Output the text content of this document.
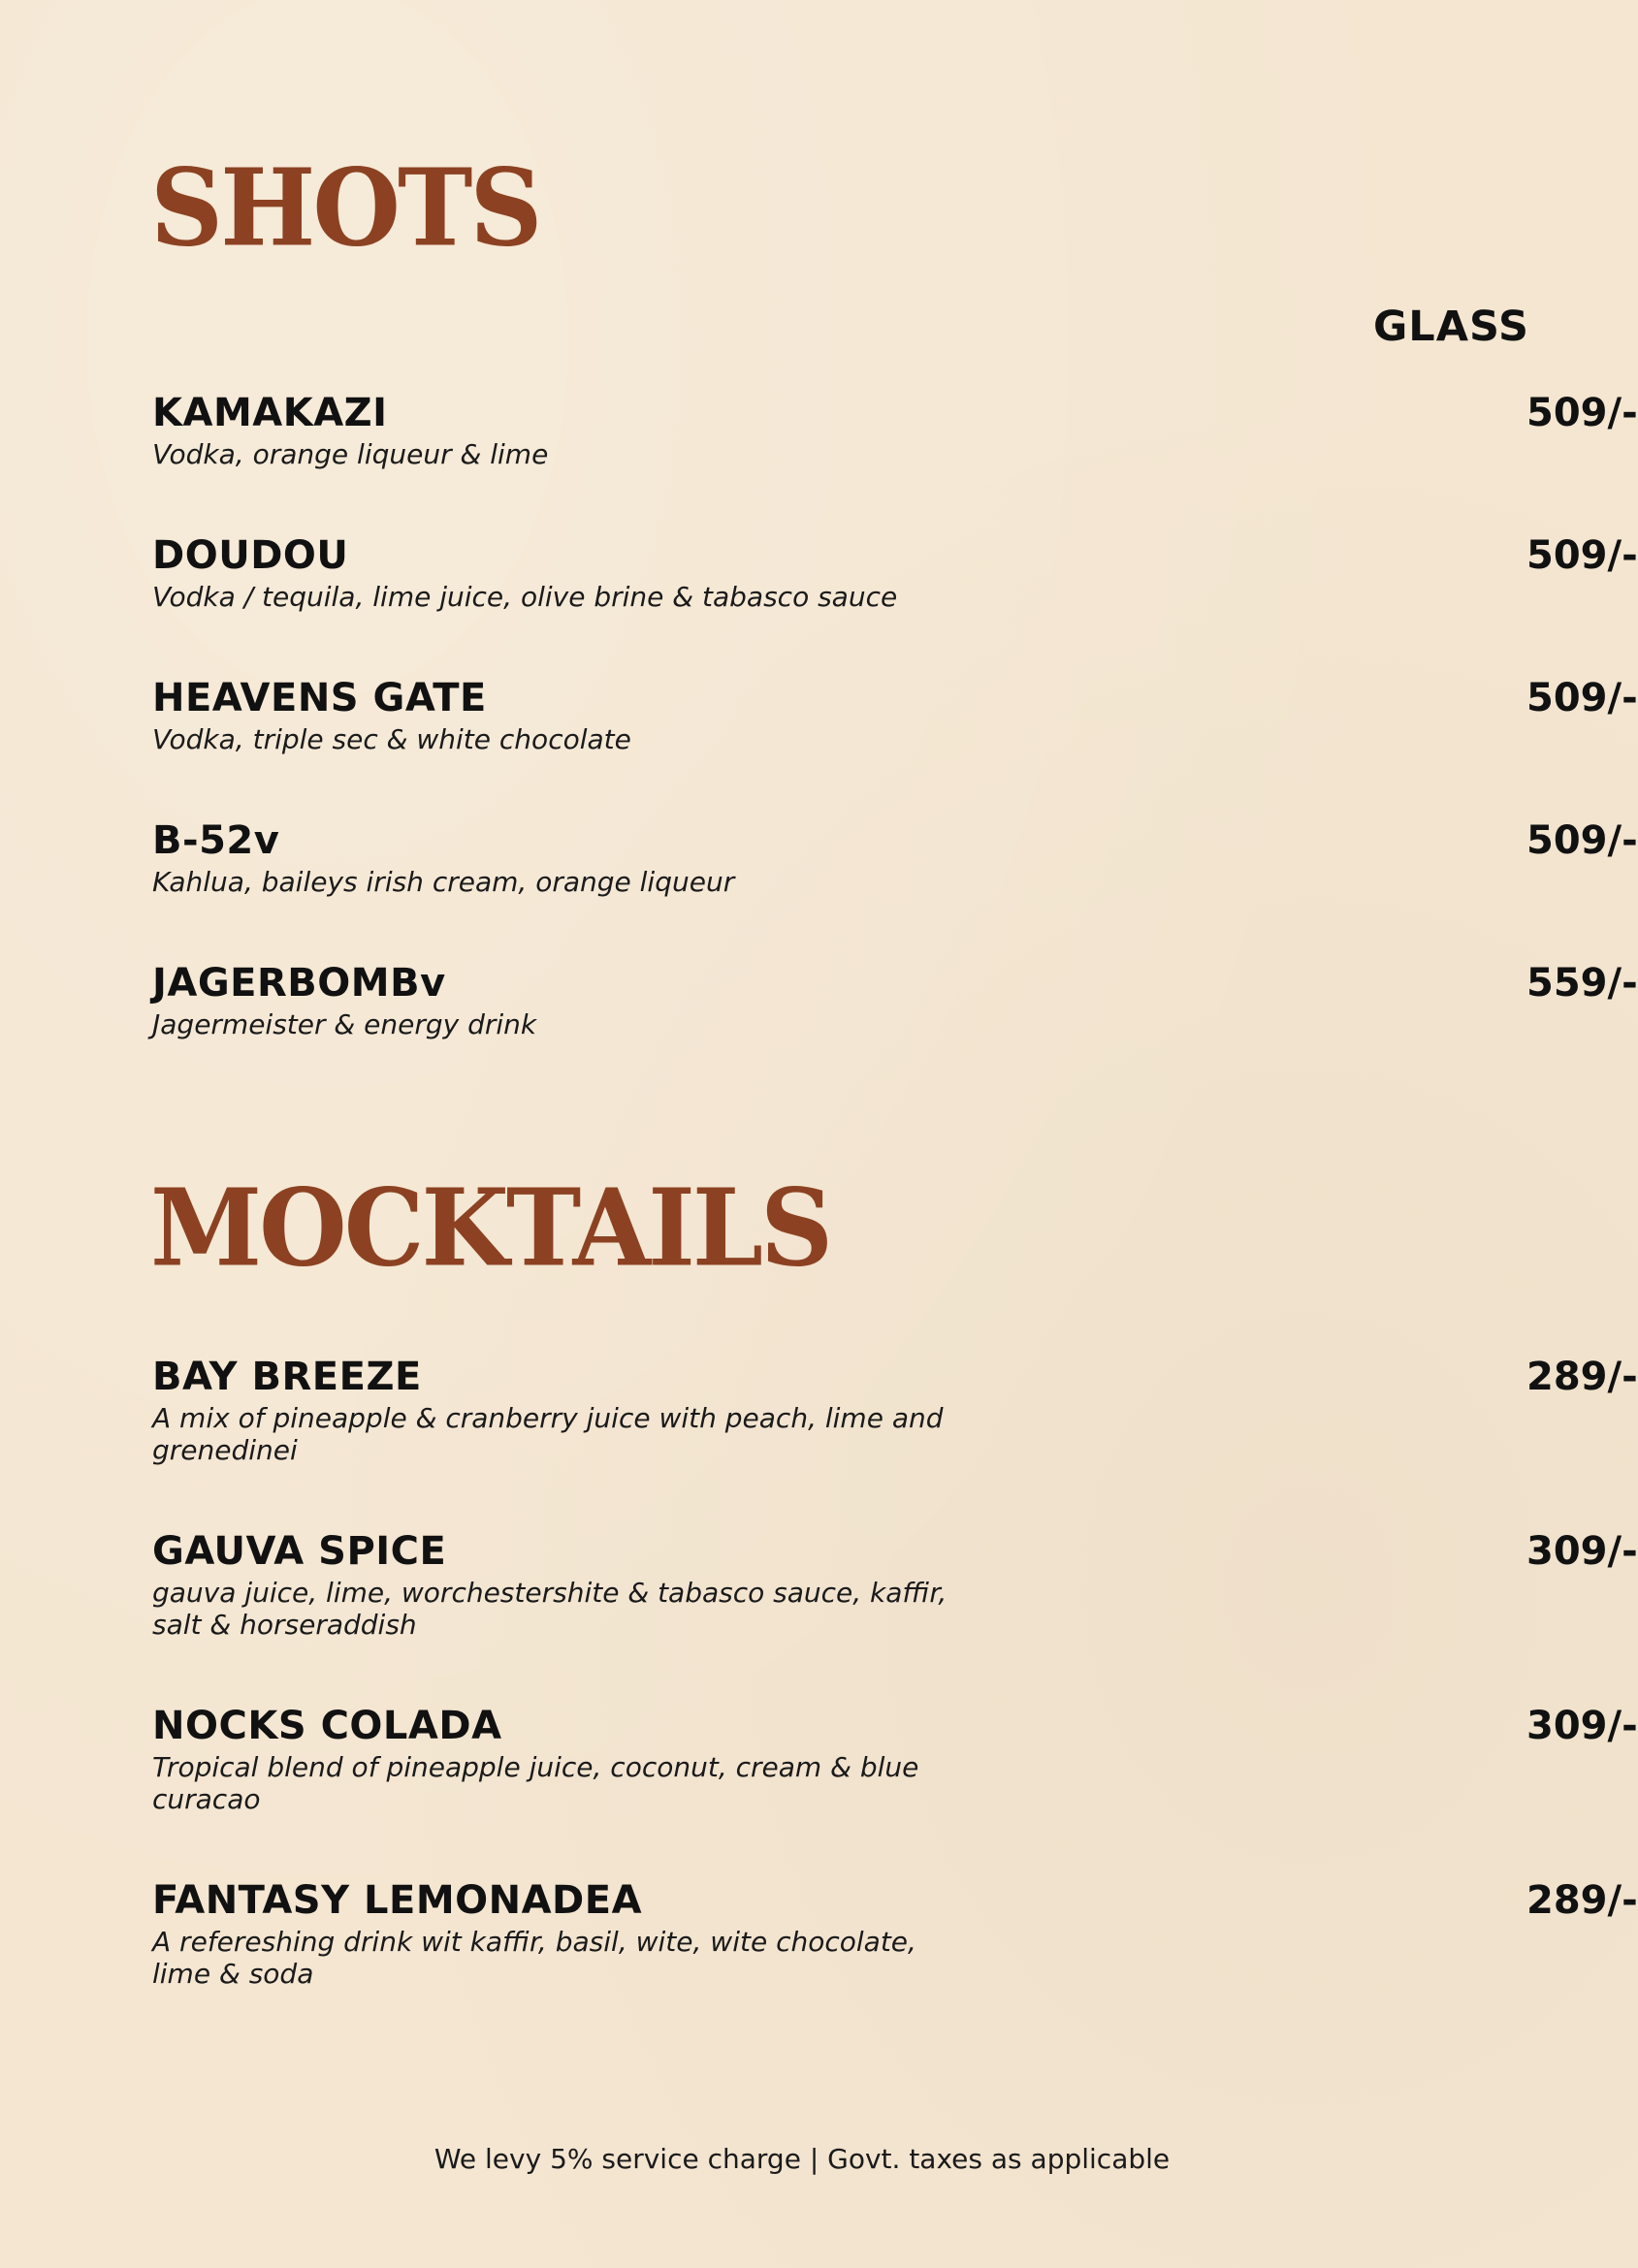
SHOTS
GLASS
KAMAKAZI
Vodka, orange liqueur & lime
509/-
DOUDOU
Vodka / tequila, lime juice, olive brine & tabasco sauce
509/-
HEAVENS GATE
Vodka, triple sec & white chocolate
509/-
B-52v
Kahlua, baileys irish cream, orange liqueur
509/-
JAGERBOMBv
Jagermeister & energy drink
559/-
MOCKTAILS
BAY BREEZE
A mix of pineapple & cranberry juice with peach, lime and grenedinei
289/-
GAUVA SPICE
gauva juice, lime, worchestershite & tabasco sauce, kaffir, salt & horseraddish
309/-
NOCKS COLADA
Tropical blend of pineapple juice, coconut, cream & blue curacao
309/-
FANTASY LEMONADEA
A refereshing drink wit kaffir, basil, wite, wite chocolate, lime & soda
289/-
We levy 5% service charge | Govt. taxes as applicable
